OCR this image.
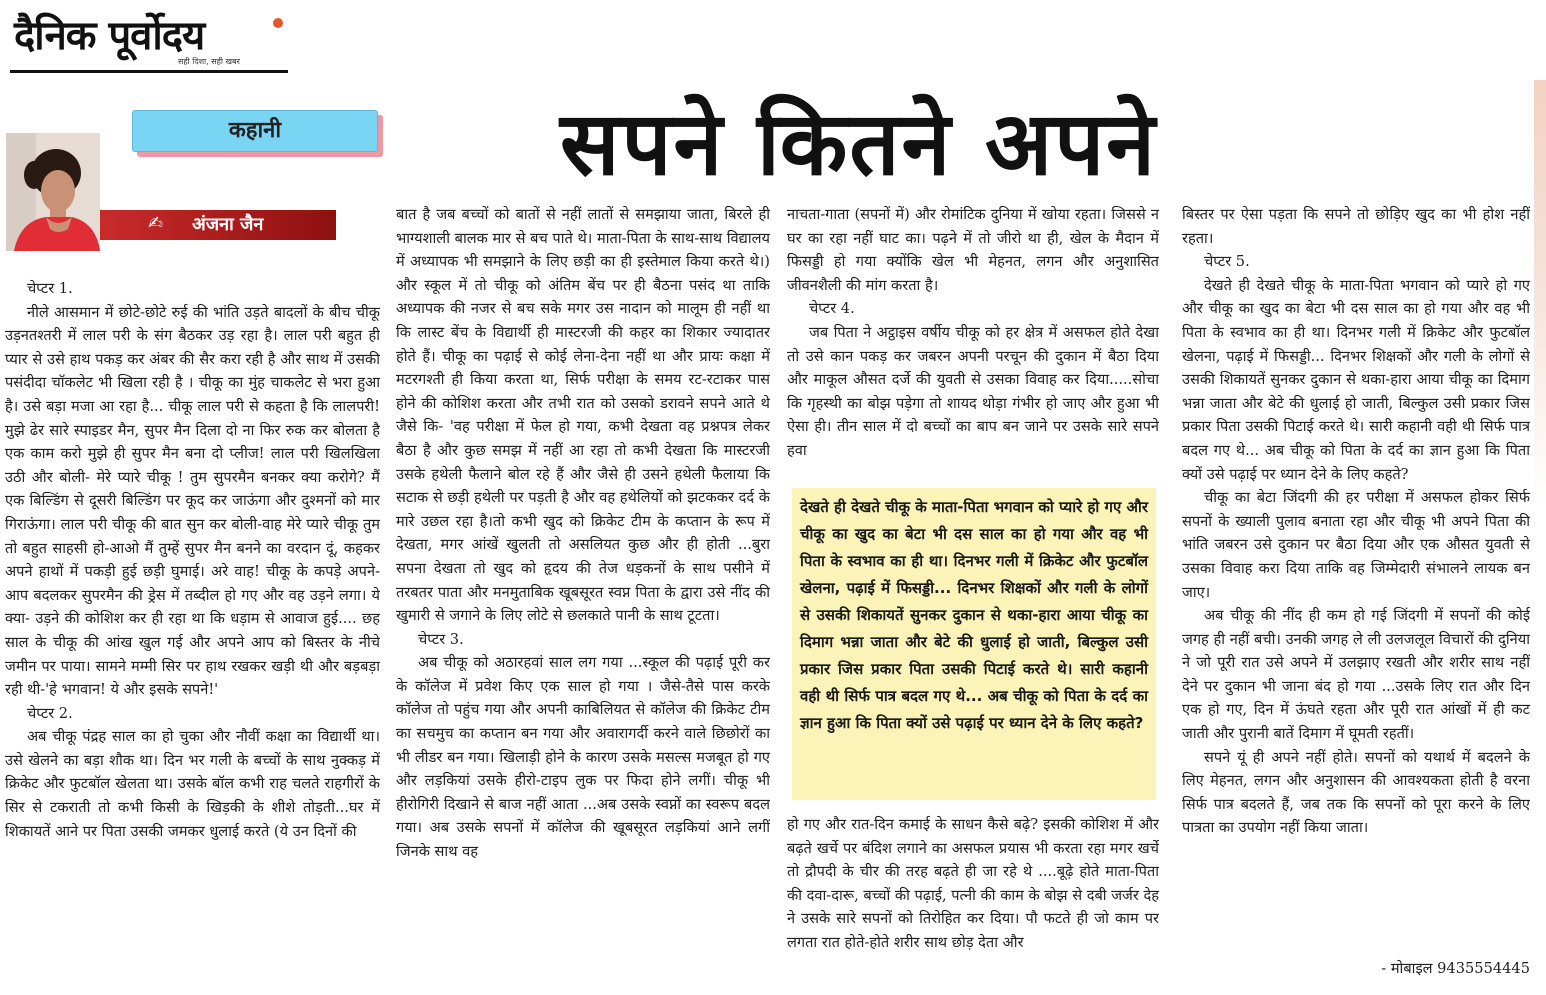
दैनिक पूर्वोदय
सही दिशा, सही खबर
कहानी
✍ अंजना जैन
सपने कितने अपने

चेप्टर 1.

नीले आसमान में छोटे-छोटे रुई की भांति उड़ते बादलों के बीच चीकू उड़नतश्तरी में लाल परी के संग बैठकर उड़ रहा है। लाल परी बहुत ही प्यार से उसे हाथ पकड़ कर अंबर की सैर करा रही है और साथ में उसकी पसंदीदा चॉकलेट भी खिला रही है । चीकू का मुंह चाकलेट से भरा हुआ है। उसे बड़ा मजा आ रहा है... चीकू लाल परी से कहता है कि लालपरी! मुझे ढेर सारे स्पाइडर मैन, सुपर मैन दिला दो ना फिर रुक कर बोलता है एक काम करो मुझे ही सुपर मैन बना दो प्लीज! लाल परी खिलखिला उठी और बोली- मेरे प्यारे चीकू ! तुम सुपरमैन बनकर क्या करोगे? मैं एक बिल्डिंग से दूसरी बिल्डिंग पर कूद कर जाऊंगा और दुश्मनों को मार गिराऊंगा। लाल परी चीकू की बात सुन कर बोली-वाह मेरे प्यारे चीकू तुम तो बहुत साहसी हो-आओ मैं तुम्हें सुपर मैन बनने का वरदान दूं, कहकर अपने हाथों में पकड़ी हुई छड़ी घुमाई। अरे वाह! चीकू के कपड़े अपने-आप बदलकर सुपरमैन की ड्रेस में तब्दील हो गए और वह उड़ने लगा। ये क्या- उड़ने की कोशिश कर ही रहा था कि धड़ाम से आवाज हुई.... छह साल के चीकू की आंख खुल गई और अपने आप को बिस्तर के नीचे जमीन पर पाया। सामने मम्मी सिर पर हाथ रखकर खड़ी थी और बड़बड़ा रही थी-'हे भगवान! ये और इसके सपने!'

चेप्टर 2.

अब चीकू पंद्रह साल का हो चुका और नौवीं कक्षा का विद्यार्थी था। उसे खेलने का बड़ा शौक था। दिन भर गली के बच्चों के साथ नुक्कड़ में क्रिकेट और फुटबॉल खेलता था। उसके बॉल कभी राह चलते राहगीरों के सिर से टकराती तो कभी किसी के खिड़की के शीशे तोड़ती...घर में शिकायतें आने पर पिता उसकी जमकर धुलाई करते (ये उन दिनों की

बात है जब बच्चों को बातों से नहीं लातों से समझाया जाता, बिरले ही भाग्यशाली बालक मार से बच पाते थे। माता-पिता के साथ-साथ विद्यालय में अध्यापक भी समझाने के लिए छड़ी का ही इस्तेमाल किया करते थे।) और स्कूल में तो चीकू को अंतिम बेंच पर ही बैठना पसंद था ताकि अध्यापक की नजर से बच सके मगर उस नादान को मालूम ही नहीं था कि लास्ट बेंच के विद्यार्थी ही मास्टरजी की कहर का शिकार ज्यादातर होते हैं। चीकू का पढ़ाई से कोई लेना-देना नहीं था और प्रायः कक्षा में मटरगश्ती ही किया करता था, सिर्फ परीक्षा के समय रट-रटाकर पास होने की कोशिश करता और तभी रात को उसको डरावने सपने आते थे जैसे कि- 'वह परीक्षा में फेल हो गया, कभी देखता वह प्रश्नपत्र लेकर बैठा है और कुछ समझ में नहीं आ रहा तो कभी देखता कि मास्टरजी उसके हथेली फैलाने बोल रहे हैं और जैसे ही उसने हथेली फैलाया कि सटाक से छड़ी हथेली पर पड़ती है और वह हथेलियों को झटककर दर्द के मारे उछल रहा है।तो कभी खुद को क्रिकेट टीम के कप्तान के रूप में देखता, मगर आंखें खुलती तो असलियत कुछ और ही होती ...बुरा सपना देखता तो खुद को हृदय की तेज धड़कनों के साथ पसीने में तरबतर पाता और मनमुताबिक खूबसूरत स्वप्न पिता के द्वारा उसे नींद की खुमारी से जगाने के लिए लोटे से छलकाते पानी के साथ टूटता।

चेप्टर 3.

अब चीकू को अठारहवां साल लग गया ...स्कूल की पढ़ाई पूरी कर के कॉलेज में प्रवेश किए एक साल हो गया । जैसे-तैसे पास करके कॉलेज तो पहुंच गया और अपनी काबिलियत से कॉलेज की क्रिकेट टीम का सचमुच का कप्तान बन गया और अवारागर्दी करने वाले छिछोरों का भी लीडर बन गया। खिलाड़ी होने के कारण उसके मसल्स मजबूत हो गए और लड़कियां उसके हीरो-टाइप लुक पर फिदा होने लगीं। चीकू भी हीरोगिरी दिखाने से बाज नहीं आता ...अब उसके स्वप्नों का स्वरूप बदल गया। अब उसके सपनों में कॉलेज की खूबसूरत लड़कियां आने लगीं जिनके साथ वह

नाचता-गाता (सपनों में) और रोमांटिक दुनिया में खोया रहता। जिससे न घर का रहा नहीं घाट का। पढ़ने में तो जीरो था ही, खेल के मैदान में फिसड्डी हो गया क्योंकि खेल भी मेहनत, लगन और अनुशासित जीवनशैली की मांग करता है।

चेप्टर 4.

जब पिता ने अट्ठाइस वर्षीय चीकू को हर क्षेत्र में असफल होते देखा तो उसे कान पकड़ कर जबरन अपनी परचून की दुकान में बैठा दिया और माकूल औसत दर्जे की युवती से उसका विवाह कर दिया.....सोचा कि गृहस्थी का बोझ पड़ेगा तो शायद थोड़ा गंभीर हो जाए और हुआ भी ऐसा ही। तीन साल में दो बच्चों का बाप बन जाने पर उसके सारे सपने हवा

देखते ही देखते चीकू के माता-पिता भगवान को प्यारे हो गए और चीकू का खुद का बेटा भी दस साल का हो गया और वह भी पिता के स्वभाव का ही था। दिनभर गली में क्रिकेट और फुटबॉल खेलना, पढ़ाई में फिसड्डी... दिनभर शिक्षकों और गली के लोगों से उसकी शिकायतें सुनकर दुकान से थका-हारा आया चीकू का दिमाग भन्ना जाता और बेटे की धुलाई हो जाती, बिल्कुल उसी प्रकार जिस प्रकार पिता उसकी पिटाई करते थे। सारी कहानी वही थी सिर्फ पात्र बदल गए थे... अब चीकू को पिता के दर्द का ज्ञान हुआ कि पिता क्यों उसे पढ़ाई पर ध्यान देने के लिए कहते?

हो गए और रात-दिन कमाई के साधन कैसे बढ़े? इसकी कोशिश में और बढ़ते खर्चे पर बंदिश लगाने का असफल प्रयास भी करता रहा मगर खर्चे तो द्रौपदी के चीर की तरह बढ़ते ही जा रहे थे ....बूढ़े होते माता-पिता की दवा-दारू, बच्चों की पढ़ाई, पत्नी की काम के बोझ से दबी जर्जर देह ने उसके सारे सपनों को तिरोहित कर दिया। पौ फटते ही जो काम पर लगता रात होते-होते शरीर साथ छोड़ देता और

बिस्तर पर ऐसा पड़ता कि सपने तो छोड़िए खुद का भी होश नहीं रहता।

चेप्टर 5.

देखते ही देखते चीकू के माता-पिता भगवान को प्यारे हो गए और चीकू का खुद का बेटा भी दस साल का हो गया और वह भी पिता के स्वभाव का ही था। दिनभर गली में क्रिकेट और फुटबॉल खेलना, पढ़ाई में फिसड्डी... दिनभर शिक्षकों और गली के लोगों से उसकी शिकायतें सुनकर दुकान से थका-हारा आया चीकू का दिमाग भन्ना जाता और बेटे की धुलाई हो जाती, बिल्कुल उसी प्रकार जिस प्रकार पिता उसकी पिटाई करते थे। सारी कहानी वही थी सिर्फ पात्र बदल गए थे... अब चीकू को पिता के दर्द का ज्ञान हुआ कि पिता क्यों उसे पढ़ाई पर ध्यान देने के लिए कहते?

चीकू का बेटा जिंदगी की हर परीक्षा में असफल होकर सिर्फ सपनों के ख्याली पुलाव बनाता रहा और चीकू भी अपने पिता की भांति जबरन उसे दुकान पर बैठा दिया और एक औसत युवती से उसका विवाह करा दिया ताकि वह जिम्मेदारी संभालने लायक बन जाए।

अब चीकू की नींद ही कम हो गई जिंदगी में सपनों की कोई जगह ही नहीं बची। उनकी जगह ले ली उलजलूल विचारों की दुनिया ने जो पूरी रात उसे अपने में उलझाए रखती और शरीर साथ नहीं देने पर दुकान भी जाना बंद हो गया ...उसके लिए रात और दिन एक हो गए, दिन में ऊंघते रहता और पूरी रात आंखों में ही कट जाती और पुरानी बातें दिमाग में घूमती रहतीं।

सपने यूं ही अपने नहीं होते। सपनों को यथार्थ में बदलने के लिए मेहनत, लगन और अनुशासन की आवश्यकता होती है वरना सिर्फ पात्र बदलते हैं, जब तक कि सपनों को पूरा करने के लिए पात्रता का उपयोग नहीं किया जाता।

- मोबाइल 9435554445
